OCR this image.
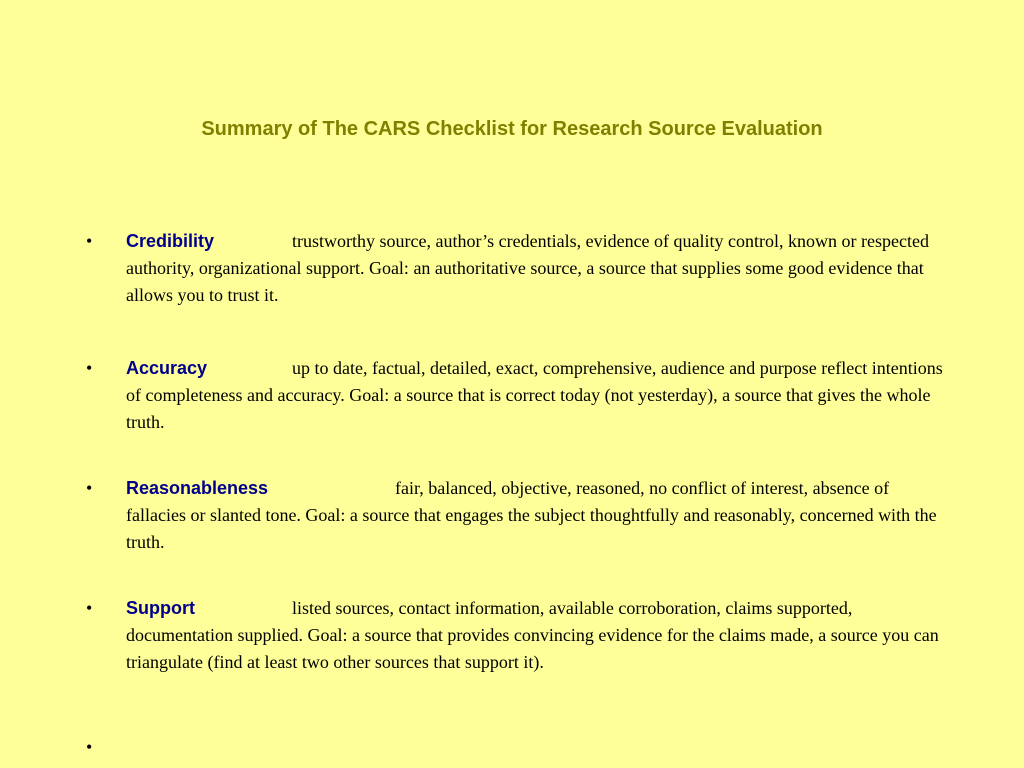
Summary of The CARS Checklist for Research Source Evaluation
• Credibility	trustworthy source, author’s credentials, evidence of quality control, known or respected authority, organizational support. Goal: an authoritative source, a source that supplies some good evidence that allows you to trust it.
• Accuracy	up to date, factual, detailed, exact, comprehensive, audience and purpose reflect intentions of completeness and accuracy. Goal: a source that is correct today (not yesterday), a source that gives the whole truth.
• Reasonableness	fair, balanced, objective, reasoned, no conflict of interest, absence of fallacies or slanted tone. Goal: a source that engages the subject thoughtfully and reasonably, concerned with the truth.
• Support	listed sources, contact information, available corroboration, claims supported, documentation supplied. Goal: a source that provides convincing evidence for the claims made, a source you can triangulate (find at least two other sources that support it).
•
